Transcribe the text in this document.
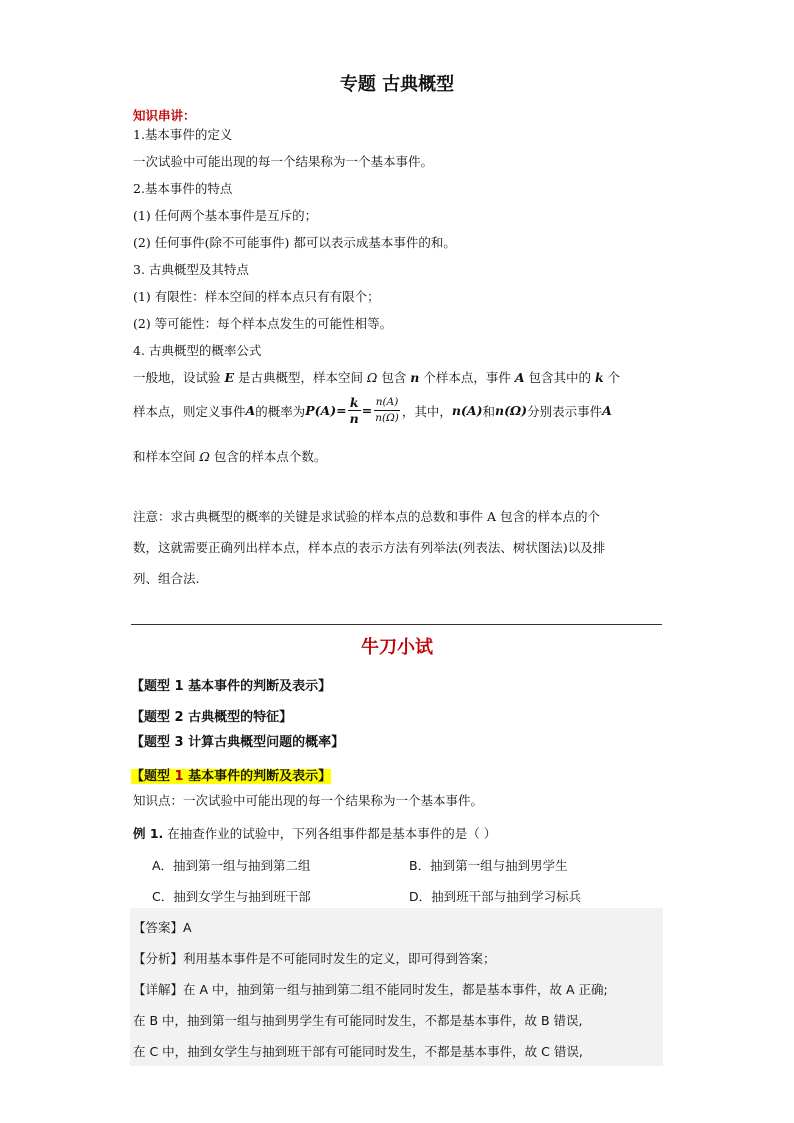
专题 古典概型
知识串讲：
1.基本事件的定义
一次试验中可能出现的每一个结果称为一个基本事件。
2.基本事件的特点
(1) 任何两个基本事件是互斥的；
(2) 任何事件(除不可能事件) 都可以表示成基本事件的和。
3. 古典概型及其特点
(1) 有限性：样本空间的样本点只有有限个；
(2) 等可能性：每个样本点发生的可能性相等。
4. 古典概型的概率公式
一般地，设试验 E 是古典概型，样本空间 Ω 包含 n 个样本点，事件 A 包含其中的 k 个
样本点，则定义事件 A 的概率为 $P(A)= \frac{k}{n} = \frac{n(A)}{n(\Omega)}$ ，其中， n(A) 和 n(Ω) 分别表示事件 A
和样本空间 Ω 包含的样本点个数。
注意：求古典概型的概率的关键是求试验的样本点的总数和事件 A 包含的样本点的个
数，这就需要正确列出样本点，样本点的表示方法有列举法(列表法、树状图法)以及排
列、组合法.
牛刀小试
【题型 1 基本事件的判断及表示】
【题型 2 古典概型的特征】
【题型 3 计算古典概型问题的概率】
【题型 1 基本事件的判断及表示】
知识点：一次试验中可能出现的每一个结果称为一个基本事件。
例 1. 在抽查作业的试验中，下列各组事件都是基本事件的是（ ）
A．抽到第一组与抽到第二组	B．抽到第一组与抽到男学生
C．抽到女学生与抽到班干部	D．抽到班干部与抽到学习标兵
【答案】A
【分析】利用基本事件是不可能同时发生的定义，即可得到答案；
【详解】在 A 中，抽到第一组与抽到第二组不能同时发生，都是基本事件，故 A 正确;
在 B 中，抽到第一组与抽到男学生有可能同时发生，不都是基本事件，故 B 错误,
在 C 中，抽到女学生与抽到班干部有可能同时发生，不都是基本事件，故 C 错误,
